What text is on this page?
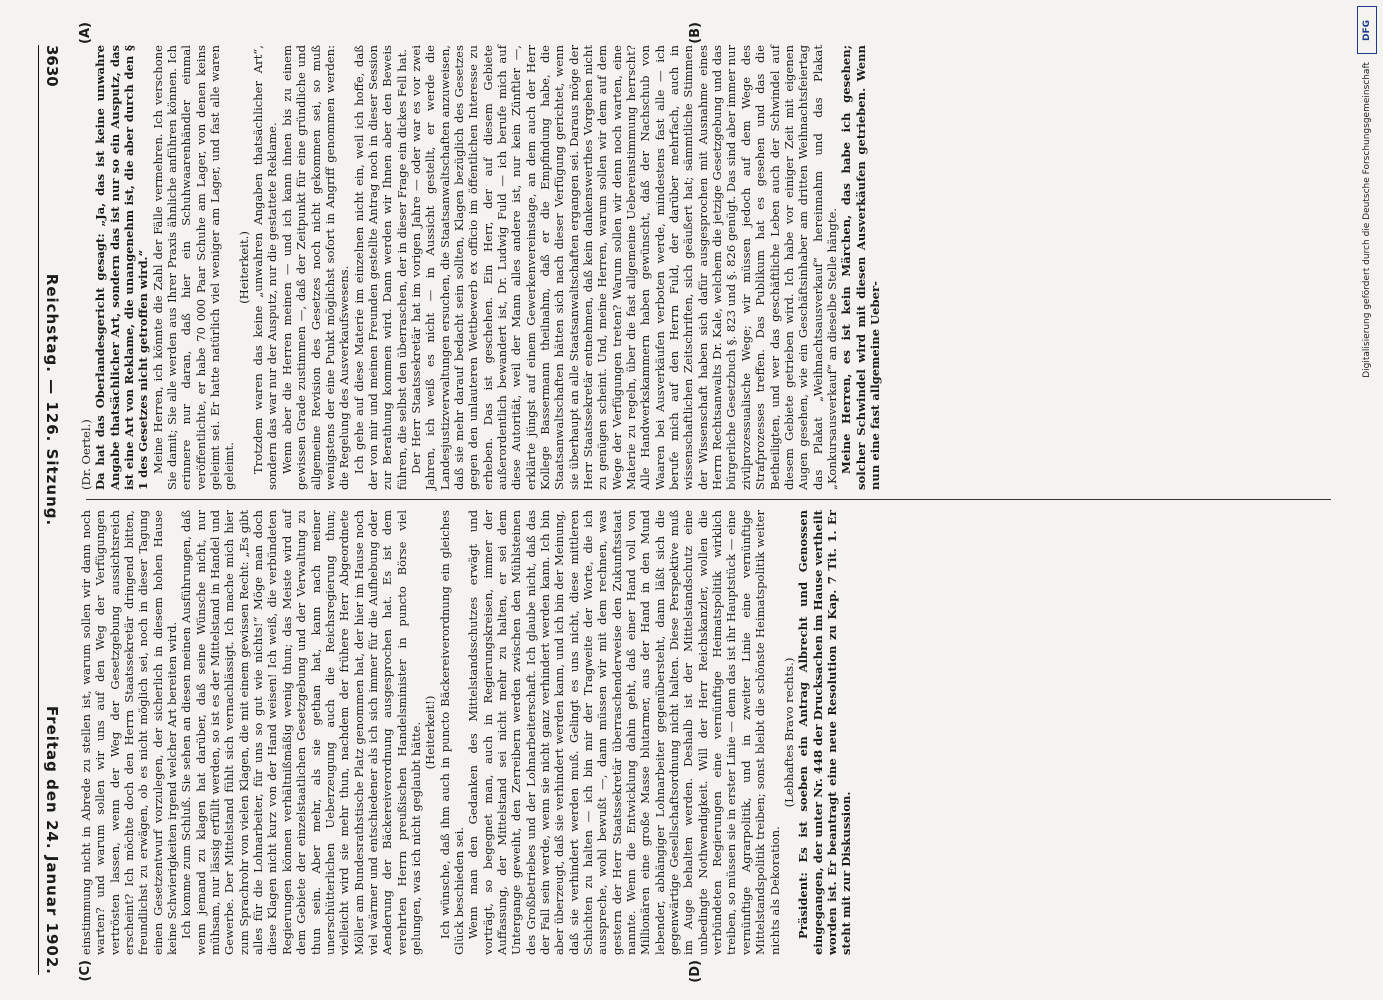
3630
Reichstag. — 126. Sitzung.
Freitag den 24. Januar 1902.

(Dr. Oertel.) Da hat das Oberlandesgericht gesagt: „Ja, das ist keine unwahre Angabe thatsächlicher Art, sondern das ist nur so ein Ausputz, das ist eine Art von Reklame, die unangenehm ist, die aber durch den § 1 des Gesetzes nicht getroffen wird.“ Meine Herren, ich könnte die Zahl der Fälle vermehren. Ich verschone Sie damit; Sie alle werden aus Ihrer Praxis ähnliche anführen können. Ich erinnere nur daran, daß hier ein Schuhwaarenhändler einmal veröffentlichte, er habe 70 000 Paar Schuhe am Lager, von denen keins geleimt sei. Er hatte natürlich viel weniger am Lager, und fast alle waren geleimt.

(Heiterkeit.) Trotzdem waren das keine „unwahren Angaben thatsächlicher Art“, sondern das war nur der Ausputz, nur die gestattete Reklame. Wenn aber die Herren meinen — und ich kann ihnen bis zu einem gewissen Grade zustimmen —, daß der Zeitpunkt für eine gründliche und allgemeine Revision des Gesetzes noch nicht gekommen sei, so muß wenigstens der eine Punkt möglichst sofort in Angriff genommen werden: die Regelung des Ausverkaufswesens. Ich gehe auf diese Materie im einzelnen nicht ein, weil ich hoffe, daß der von mir und meinen Freunden gestellte Antrag noch in dieser Session zur Berathung kommen wird. Dann werden wir Ihnen aber den Beweis führen, die selbst den überraschen, der in dieser Frage ein dickes Fell hat. Der Herr Staatssekretär hat im vorigen Jahre — oder war es vor zwei Jahren, ich weiß es nicht — in Aussicht gestellt, er werde die Landesjustizverwaltungen ersuchen, die Staatsanwaltschaften anzuweisen, daß sie mehr darauf bedacht sein sollten, Klagen bezüglich des Gesetzes gegen den unlauteren Wettbewerb ex officio im öffentlichen Interesse zu erheben. Das ist geschehen. Ein Herr, der auf diesem Gebiete außerordentlich bewandert ist, Dr. Ludwig Fuld — ich berufe mich auf diese Autorität, weil der Mann alles andere ist, nur kein Zünftler —, erklärte jüngst auf einem Gewerkenvereinstage, an dem auch der Herr Kollege Bassermann theilnahm, daß er die Empfindung habe, die Staatsanwaltschaften hätten sich nach dieser Verfügung gerichtet, wenn sie überhaupt an alle Staatsanwaltschaften ergangen sei. Daraus möge der Herr Staatssekretär entnehmen, daß kein dankenswerthes Vorgehen nicht zu genügen scheint. Und, meine Herren, warum sollen wir dem auf dem Wege der Verfügungen treten? Warum sollen wir denn noch warten, eine Materie zu regeln, über die fast allgemeine Uebereinstimmung herrscht? Alle Handwerkskammern haben gewünscht, daß der Nachschub von Waaren bei Ausverkäufen verboten werde, mindestens fast alle — ich berufe mich auf den Herrn Fuld, der darüber mehrfach, auch in wissenschaftlichen Zeitschriften, sich geäußert hat; sämmtliche Stimmen der Wissenschaft haben sich dafür ausgesprochen mit Ausnahme eines Herrn Rechtsanwalts Dr. Kale, welchem die jetzige Gesetzgebung und das bürgerliche Gesetzbuch §. 823 und §. 826 genügt. Das sind aber immer nur zivilprozessualische Wege; wir müssen jedoch auf dem Wege des Strafprozesses treffen. Das Publikum hat es gesehen und das die Betheiligten, und wer das geschäftliche Leben auch der Schwindel auf diesem Gebiete getrieben wird. Ich habe vor einiger Zeit mit eigenen Augen gesehen, wie ein Geschäftsinhaber am dritten Weihnachtsfeiertag das Plakat „Weihnachtsausverkauf“ hereinnahm und das Plakat „Konkursausverkauf“ an dieselbe Stelle hängte. Meine Herren, es ist kein Märchen, das habe ich gesehen; solcher Schwindel wird mit diesen Ausverkäufen getrieben. Wenn nun eine fast allgemeine Ueber-

einstimmung nicht in Abrede zu stellen ist, warum sollen wir dann noch warten? und warum sollen wir uns auf den Weg der Verfügungen vertrösten lassen, wenn der Weg der Gesetzgebung aussichtsreich erscheint? Ich möchte doch den Herrn Staatssekretär dringend bitten, freundlichst zu erwägen, ob es nicht möglich sei, noch in dieser Tagung einen Gesetzentwurf vorzulegen, der sicherlich in diesem hohen Hause keine Schwierigkeiten irgend welcher Art bereiten wird. Ich komme zum Schluß. Sie sehen an diesen meinen Ausführungen, daß wenn jemand zu klagen hat darüber, daß seine Wünsche nicht, nur mühsam, nur lässig erfüllt werden, so ist es der Mittelstand in Handel und Gewerbe. Der Mittelstand fühlt sich vernachlässigt. Ich mache mich hier zum Sprachrohr von vielen Klagen, die mit einem gewissen Recht: „Es gibt alles für die Lohnarbeiter, für uns so gut wie nichts!“ Möge man doch diese Klagen nicht kurz von der Hand weisen! Ich weiß, die verbündeten Regierungen können verhältnißmäßig wenig thun; das Meiste wird auf dem Gebiete der einzelstaatlichen Gesetzgebung und der Verwaltung zu thun sein. Aber mehr, als sie gethan hat, kann nach meiner unerschütterlichen Ueberzeugung auch die Reichsregierung thun; vielleicht wird sie mehr thun, nachdem der frühere Herr Abgeordnete Möller am Bundesrathstische Platz genommen hat, der hier im Hause noch viel wärmer und entschiedener als ich sich immer für die Aufhebung oder Aenderung der Bäckereiverordnung ausgesprochen hat. Es ist dem verehrten Herrn preußischen Handelsminister in puncto Börse viel gelungen, was ich nicht geglaubt hätte. (Heiterkeit!) Ich wünsche, daß ihm auch in puncto Bäckereiverordnung ein gleiches Glück beschieden sei. Wenn man den Gedanken des Mittelstandsschutzes erwägt und vorträgt, so begegnet man, auch in Regierungskreisen, immer der Auffassung, der Mittelstand sei nicht mehr zu halten, er sei dem Untergange geweiht, den Zerreibern werden zwischen den Mühlsteinen des Großbetriebes und der Lohnarbeiterschaft. Ich glaube nicht, daß das der Fall sein werde, wenn sie nicht ganz verhindert werden kann. Ich bin aber überzeugt, daß sie verhindert werden kann, und ich bin der Meinung, daß sie verhindert werden muß. Gelingt es uns nicht, diese mittleren Schichten zu halten — ich bin mir der Tragweite der Worte, die ich ausspreche, wohl bewußt —, dann müssen wir mit dem rechnen, was gestern der Herr Staatssekretär überraschenderweise den Zukunftsstaat nannte. Wenn die Entwicklung dahin geht, daß einer Hand voll von Millionären eine große Masse blutarmer, aus der Hand in den Mund lebender, abhängiger Lohnarbeiter gegenübersteht, dann läßt sich die gegenwärtige Gesellschaftsordnung nicht halten. Diese Perspektive muß im Auge behalten werden. Deshalb ist der Mittelstandschutz eine unbedingte Nothwendigkeit. Will der Herr Reichskanzler, wollen die verbündeten Regierungen eine vernünftige Heimatspolitik wirklich treiben, so müssen sie in erster Linie — denn das ist ihr Hauptstück — eine vernünftige Agrarpolitik, und in zweiter Linie eine vernünftige Mittelstandspolitik treiben; sonst bleibt die schönste Heimatspolitik weiter nichts als Dekoration.

(Lebhaftes Bravo rechts.) Präsident: Es ist soeben ein Antrag Albrecht und Genossen eingegangen, der unter Nr. 448 der Drucksachen im Hause vertheilt worden ist. Er beantragt eine neue Resolution zu Kap. 7 Tit. 1. Er steht mit zur Diskussion.

(A)	(B)
(C)	(D)
DFG
Digitalisierung gefördert durch die Deutsche Forschungsgemeinschaft
